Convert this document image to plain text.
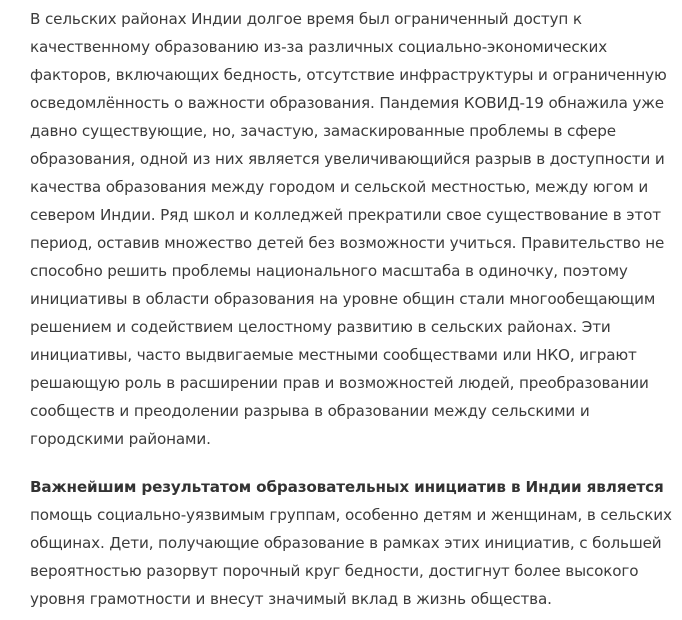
В сельских районах Индии долгое время был ограниченный доступ к
качественному образованию из-за различных социально-экономических
факторов, включающих бедность, отсутствие инфраструктуры и ограниченную
осведомлённость о важности образования. Пандемия КОВИД-19 обнажила уже
давно существующие, но, зачастую, замаскированные проблемы в сфере
образования, одной из них является увеличивающийся разрыв в доступности и
качества образования между городом и сельской местностью, между югом и
севером Индии. Ряд школ и колледжей прекратили свое существование в этот
период, оставив множество детей без возможности учиться. Правительство не
способно решить проблемы национального масштаба в одиночку, поэтому
инициативы в области образования на уровне общин стали многообещающим
решением и содействием целостному развитию в сельских районах. Эти
инициативы, часто выдвигаемые местными сообществами или НКО, играют
решающую роль в расширении прав и возможностей людей, преобразовании
сообществ и преодолении разрыва в образовании между сельскими и
городскими районами.
Важнейшим результатом образовательных инициатив в Индии является
помощь социально-уязвимым группам, особенно детям и женщинам, в сельских
общинах. Дети, получающие образование в рамках этих инициатив, с большей
вероятностью разорвут порочный круг бедности, достигнут более высокого
уровня грамотности и внесут значимый вклад в жизнь общества.
